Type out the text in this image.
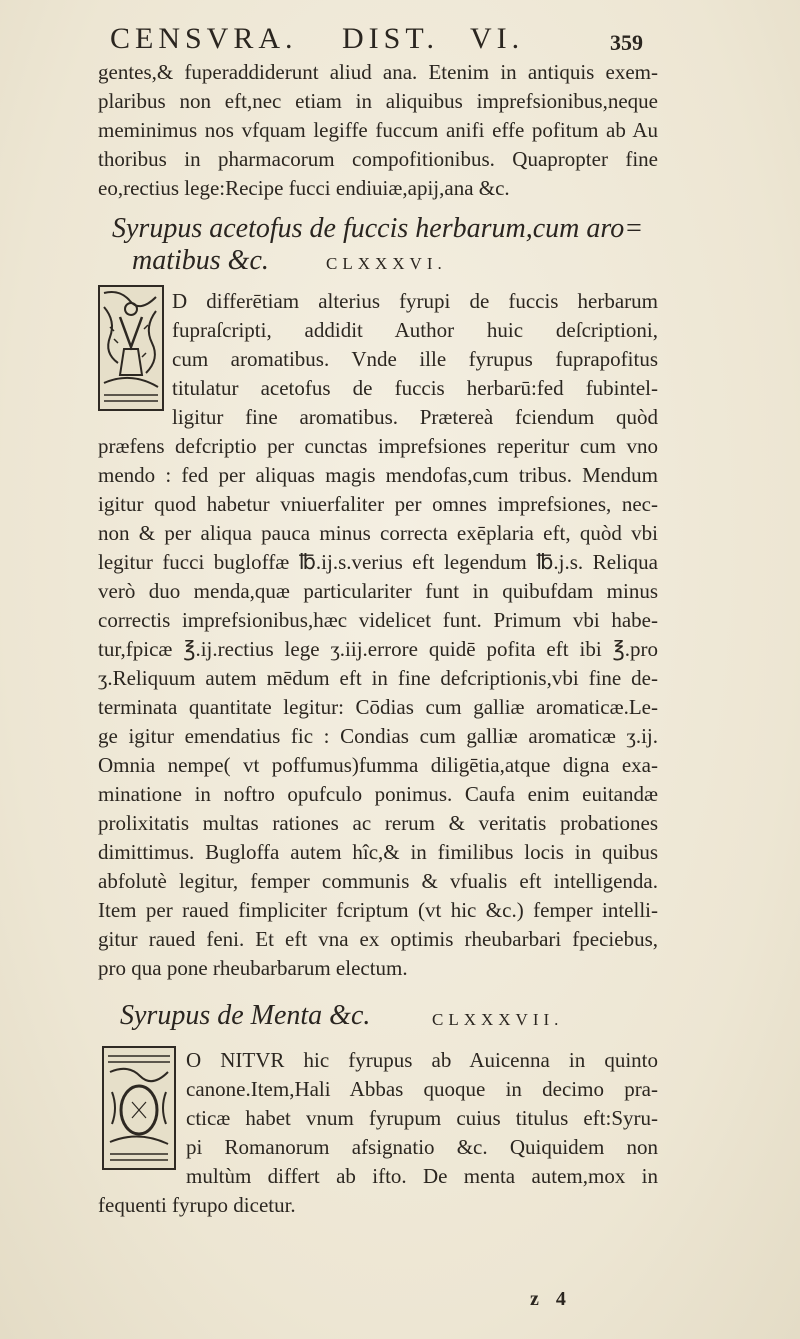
CENSVRA. DIST. VI.	359
gentes,& fuperaddiderunt aliud ana. Etenim in antiquis exem-
plaribus non eft,nec etiam in aliquibus imprefsionibus,neque
meminimus nos vfquam legiffe fuccum anifi effe pofitum ab Au
thoribus in pharmacorum compofitionibus. Quapropter fine
eo,rectius lege:Recipe fucci endiuiæ,apij,ana &c.
Syrupus acetofus de fuccis herbarum,cum aro=
matibus &c.	CLXXXVI.
D differētiam alterius fyrupi de fuccis herbarum
fupraſcripti, addidit Author huic deſcriptioni,
cum aromatibus. Vnde ille fyrupus fuprapofitus
titulatur acetofus de fuccis herbarū:fed fubintel-
ligitur fine aromatibus. Prætereà fciendum quòd
præfens defcriptio per cunctas imprefsiones reperitur cum vno
mendo : fed per aliquas magis mendofas,cum tribus. Mendum
igitur quod habetur vniuerfaliter per omnes imprefsiones, nec-
non & per aliqua pauca minus correcta exēplaria eft, quòd vbi
legitur fucci bugloffæ ℔.ij.s.verius eft legendum ℔.j.s. Reliqua
verò duo menda,quæ particulariter funt in quibufdam minus
correctis imprefsionibus,hæc videlicet funt. Primum vbi habe-
tur,fpicæ ℥.ij.rectius lege ʒ.iij.errore quidē pofita eft ibi ℥.pro
ʒ.Reliquum autem mēdum eft in fine defcriptionis,vbi fine de-
terminata quantitate legitur: Cōdias cum galliæ aromaticæ.Le-
ge igitur emendatius fic : Condias cum galliæ aromaticæ ʒ.ij.
Omnia nempe( vt poffumus)fumma diligētia,atque digna exa-
minatione in noftro opufculo ponimus. Caufa enim euitandæ
prolixitatis multas rationes ac rerum & veritatis probationes
dimittimus. Bugloffa autem hîc,& in fimilibus locis in quibus
abfolutè legitur, femper communis & vfualis eft intelligenda.
Item per raued fimpliciter fcriptum (vt hic &c.) femper intelli-
gitur raued feni. Et eft vna ex optimis rheubarbari fpeciebus,
pro qua pone rheubarbarum electum.
Syrupus de Menta &c.	CLXXXVII.
O NITVR hic fyrupus ab Auicenna in quinto
canone.Item,Hali Abbas quoque in decimo pra-
cticæ habet vnum fyrupum cuius titulus eft:Syru-
pi Romanorum afsignatio &c. Quiquidem non
multùm differt ab ifto. De menta autem,mox in
fequenti fyrupo dicetur.
z 4
